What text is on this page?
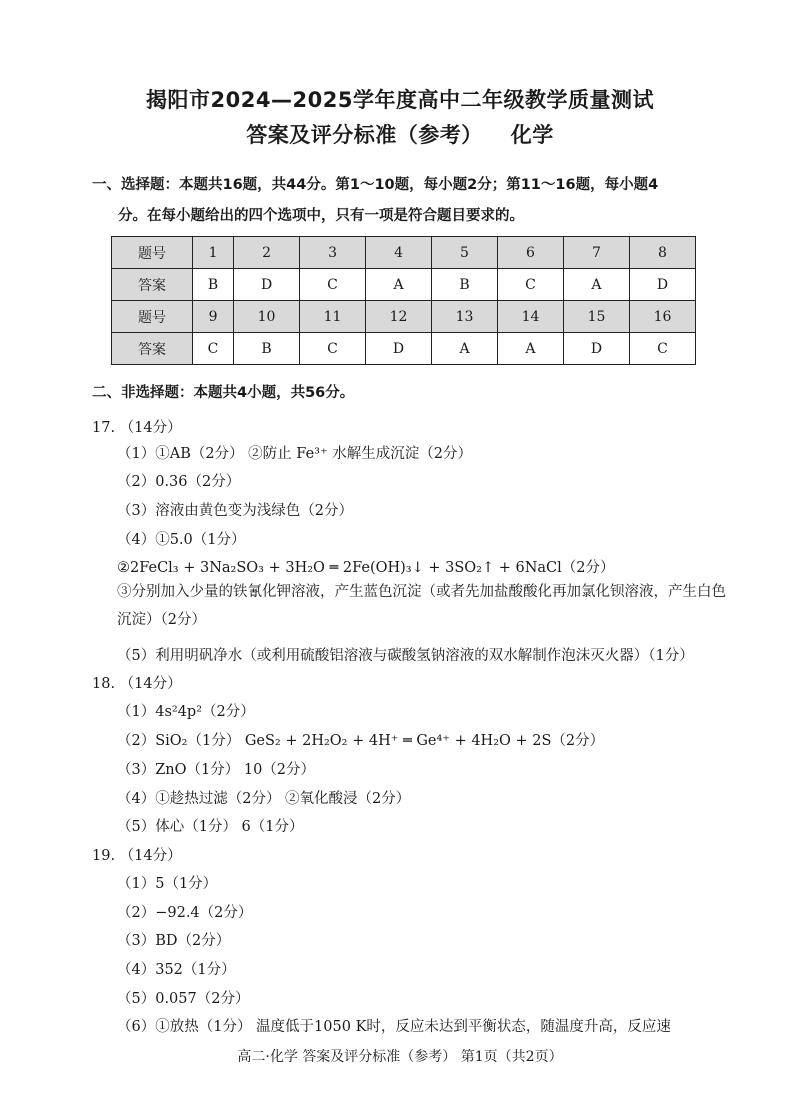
揭阳市2024—2025学年度高中二年级教学质量测试
答案及评分标准（参考） 化学
一、选择题：本题共16题，共44分。第1～10题，每小题2分；第11～16题，每小题4
分。在每小题给出的四个选项中，只有一项是符合题目要求的。
题号	1	2	3	4	5	6	7	8
答案	B	D	C	A	B	C	A	D
题号	9	10	11	12	13	14	15	16
答案	C	B	C	D	A	A	D	C
二、非选择题：本题共4小题，共56分。
17. （14分）
（1）①AB（2分） ②防止 Fe³⁺ 水解生成沉淀（2分）
（2）0.36（2分）
（3）溶液由黄色变为浅绿色（2分）
（4）①5.0（1分）
②2FeCl₃ + 3Na₂SO₃ + 3H₂O ═ 2Fe(OH)₃↓ + 3SO₂↑ + 6NaCl（2分）
③分别加入少量的铁氰化钾溶液，产生蓝色沉淀（或者先加盐酸酸化再加氯化钡溶液，产生白色沉淀）（2分）
（5）利用明矾净水（或利用硫酸铝溶液与碳酸氢钠溶液的双水解制作泡沫灭火器）（1分）
18. （14分）
（1）4s²4p²（2分）
（2）SiO₂（1分） GeS₂ + 2H₂O₂ + 4H⁺ ═ Ge⁴⁺ + 4H₂O + 2S（2分）
（3）ZnO（1分） 10（2分）
（4）①趁热过滤（2分） ②氧化酸浸（2分）
（5）体心（1分） 6（1分）
19. （14分）
（1）5（1分）
（2）−92.4（2分）
（3）BD（2分）
（4）352（1分）
（5）0.057（2分）
（6）①放热（1分） 温度低于1050 K时，反应未达到平衡状态，随温度升高，反应速
高二·化学 答案及评分标准（参考） 第1页（共2页）
